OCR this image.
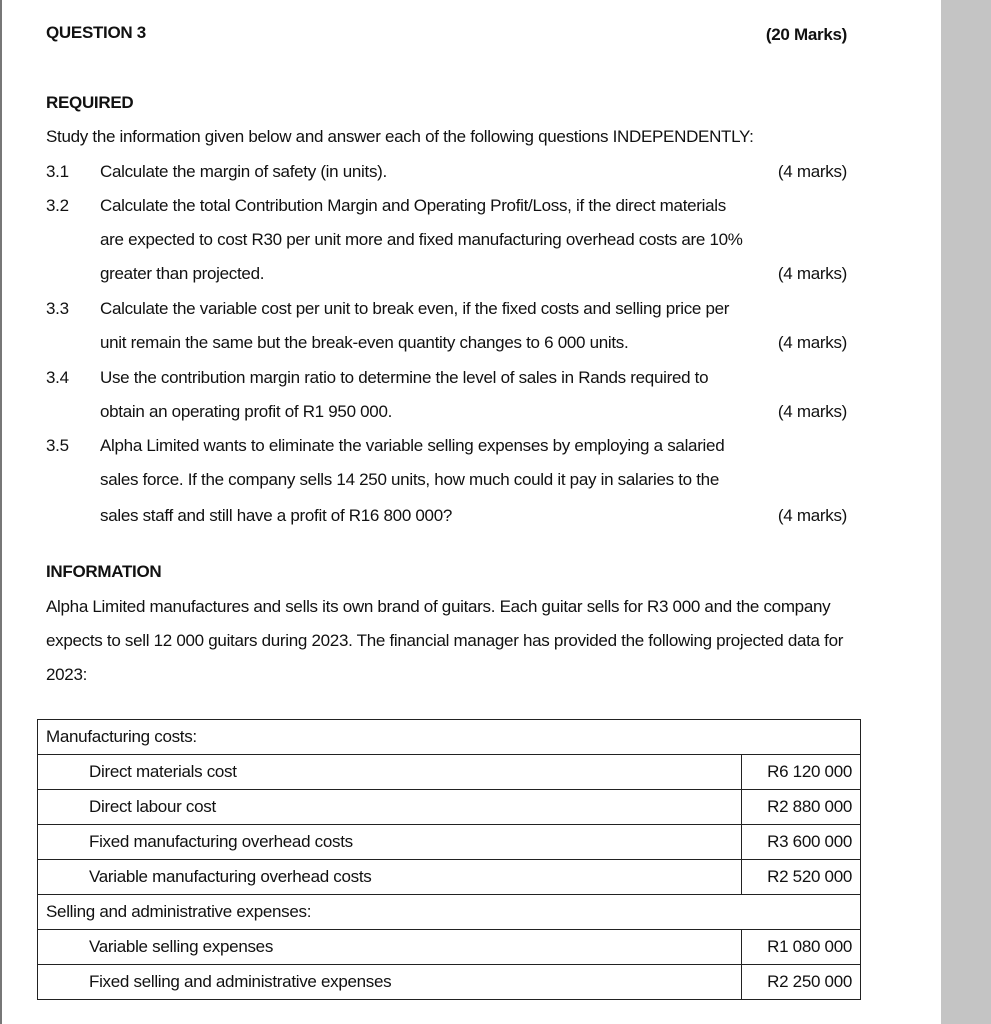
QUESTION 3	(20 Marks)
REQUIRED
Study the information given below and answer each of the following questions INDEPENDENTLY:
3.1 Calculate the margin of safety (in units).	(4 marks)
3.2 Calculate the total Contribution Margin and Operating Profit/Loss, if the direct materials
are expected to cost R30 per unit more and fixed manufacturing overhead costs are 10%
greater than projected.	(4 marks)
3.3 Calculate the variable cost per unit to break even, if the fixed costs and selling price per
unit remain the same but the break-even quantity changes to 6 000 units.	(4 marks)
3.4 Use the contribution margin ratio to determine the level of sales in Rands required to
obtain an operating profit of R1 950 000.	(4 marks)
3.5 Alpha Limited wants to eliminate the variable selling expenses by employing a salaried
sales force. If the company sells 14 250 units, how much could it pay in salaries to the
sales staff and still have a profit of R16 800 000?	(4 marks)
INFORMATION
Alpha Limited manufactures and sells its own brand of guitars. Each guitar sells for R3 000 and the company
expects to sell 12 000 guitars during 2023. The financial manager has provided the following projected data for
2023:
Manufacturing costs:	
Direct materials cost	R6 120 000
Direct labour cost	R2 880 000
Fixed manufacturing overhead costs	R3 600 000
Variable manufacturing overhead costs	R2 520 000
Selling and administrative expenses:	
Variable selling expenses	R1 080 000
Fixed selling and administrative expenses	R2 250 000
